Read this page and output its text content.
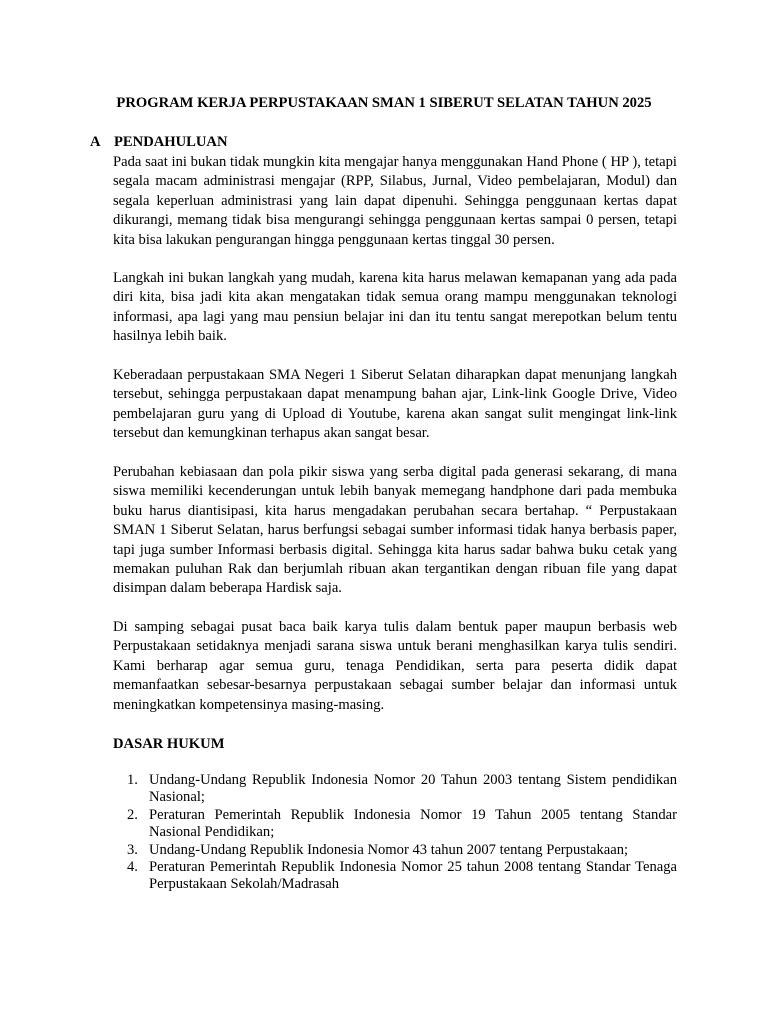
PROGRAM KERJA PERPUSTAKAAN SMAN 1 SIBERUT SELATAN TAHUN 2025
A PENDAHULUAN

Pada saat ini bukan tidak mungkin kita mengajar hanya menggunakan Hand Phone ( HP ), tetapi segala macam administrasi mengajar (RPP, Silabus, Jurnal, Video pembelajaran, Modul) dan segala keperluan administrasi yang lain dapat dipenuhi. Sehingga penggunaan kertas dapat dikurangi, memang tidak bisa mengurangi sehingga penggunaan kertas sampai 0 persen, tetapi kita bisa lakukan pengurangan hingga penggunaan kertas tinggal 30 persen.

Langkah ini bukan langkah yang mudah, karena kita harus melawan kemapanan yang ada pada diri kita, bisa jadi kita akan mengatakan tidak semua orang mampu menggunakan teknologi informasi, apa lagi yang mau pensiun belajar ini dan itu tentu sangat merepotkan belum tentu hasilnya lebih baik.

Keberadaan perpustakaan SMA Negeri 1 Siberut Selatan diharapkan dapat menunjang langkah tersebut, sehingga perpustakaan dapat menampung bahan ajar, Link-link Google Drive, Video pembelajaran guru yang di Upload di Youtube, karena akan sangat sulit mengingat link-link tersebut dan kemungkinan terhapus akan sangat besar.

Perubahan kebiasaan dan pola pikir siswa yang serba digital pada generasi sekarang, di mana siswa memiliki kecenderungan untuk lebih banyak memegang handphone dari pada membuka buku harus diantisipasi, kita harus mengadakan perubahan secara bertahap. “ Perpustakaan SMAN 1 Siberut Selatan, harus berfungsi sebagai sumber informasi tidak hanya berbasis paper, tapi juga sumber Informasi berbasis digital. Sehingga kita harus sadar bahwa buku cetak yang memakan puluhan Rak dan berjumlah ribuan akan tergantikan dengan ribuan file yang dapat disimpan dalam beberapa Hardisk saja.

Di samping sebagai pusat baca baik karya tulis dalam bentuk paper maupun berbasis web Perpustakaan setidaknya menjadi sarana siswa untuk berani menghasilkan karya tulis sendiri. Kami berharap agar semua guru, tenaga Pendidikan, serta para peserta didik dapat memanfaatkan sebesar-besarnya perpustakaan sebagai sumber belajar dan informasi untuk meningkatkan kompetensinya masing-masing.

DASAR HUKUM
1. Undang-Undang Republik Indonesia Nomor 20 Tahun 2003 tentang Sistem pendidikan Nasional;
2. Peraturan Pemerintah Republik Indonesia Nomor 19 Tahun 2005 tentang Standar Nasional Pendidikan;
3. Undang-Undang Republik Indonesia Nomor 43 tahun 2007 tentang Perpustakaan;
4. Peraturan Pemerintah Republik Indonesia Nomor 25 tahun 2008 tentang Standar Tenaga Perpustakaan Sekolah/Madrasah
